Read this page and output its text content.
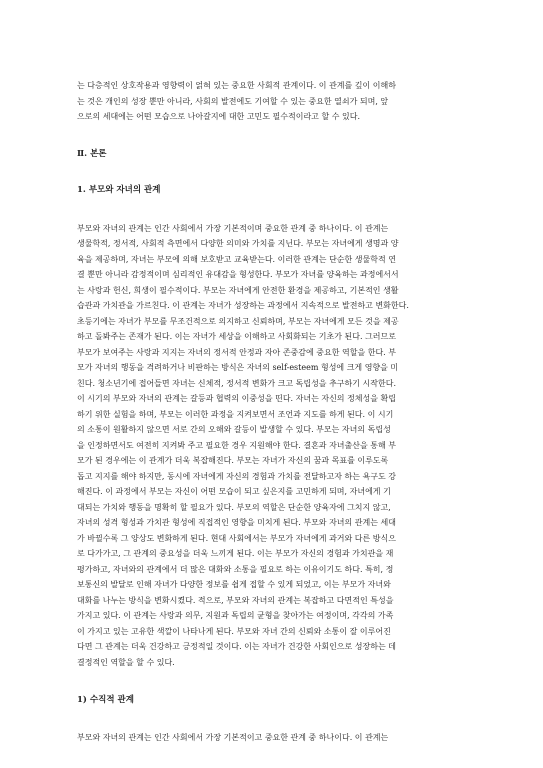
는 다층적인 상호작용과 영향력이 얽혀 있는 중요한 사회적 관계이다. 이 관계를 깊이 이해하
는 것은 개인의 성장 뿐만 아니라, 사회의 발전에도 기여할 수 있는 중요한 열쇠가 되며, 앞
으로의 세대에는 어떤 모습으로 나아갈지에 대한 고민도 필수적이라고 할 수 있다.

Ⅱ. 본론
1. 부모와 자녀의 관계

부모와 자녀의 관계는 인간 사회에서 가장 기본적이며 중요한 관계 중 하나이다. 이 관계는
생물학적, 정서적, 사회적 측면에서 다양한 의미와 가치를 지닌다. 부모는 자녀에게 생명과 양
육을 제공하며, 자녀는 부모에 의해 보호받고 교육받는다. 이러한 관계는 단순한 생물학적 연
결 뿐만 아니라 감정적이며 심리적인 유대감을 형성한다. 부모가 자녀를 양육하는 과정에서서
는 사랑과 헌신, 희생이 필수적이다. 부모는 자녀에게 안전한 환경을 제공하고, 기본적인 생활
습관과 가치관을 가르친다. 이 관계는 자녀가 성장하는 과정에서 지속적으로 발전하고 변화한다.
초등기에는 자녀가 부모를 무조건적으로 의지하고 신뢰하며, 부모는 자녀에게 모든 것을 제공
하고 돌봐주는 존재가 된다. 이는 자녀가 세상을 이해하고 사회화되는 기초가 된다. 그러므로
부모가 보여주는 사랑과 지지는 자녀의 정서적 안정과 자아 존중감에 중요한 역할을 한다. 부
모가 자녀의 행동을 격려하거나 비판하는 방식은 자녀의 self-esteem 형성에 크게 영향을 미
친다. 청소년기에 접어들면 자녀는 신체적, 정서적 변화가 크고 독립성을 추구하기 시작한다.
이 시기의 부모와 자녀의 관계는 갈등과 협력의 이중성을 띤다. 자녀는 자신의 정체성을 확립
하기 위한 실험을 하며, 부모는 이러한 과정을 지켜보면서 조언과 지도를 하게 된다. 이 시기
의 소통이 원활하지 않으면 서로 간의 오해와 갈등이 발생할 수 있다. 부모는 자녀의 독립성
을 인정하면서도 여전히 지켜봐 주고 필요한 경우 지원해야 한다. 결혼과 자녀출산을 통해 부
모가 된 경우에는 이 관계가 더욱 복잡해진다. 부모는 자녀가 자신의 꿈과 목표를 이루도록
돕고 지지를 해야 하지만, 동시에 자녀에게 자신의 경험과 가치를 전달하고자 하는 욕구도 강
해진다. 이 과정에서 부모는 자신이 어떤 모습이 되고 싶은지를 고민하게 되며, 자녀에게 기
대되는 가치와 행동을 명확히 할 필요가 있다. 부모의 역할은 단순한 양육자에 그치지 않고,
자녀의 성격 형성과 가치관 형성에 직접적인 영향을 미치게 된다. 부모와 자녀의 관계는 세대
가 바뀔수록 그 양상도 변화하게 된다. 현대 사회에서는 부모가 자녀에게 과거와 다른 방식으
로 다가가고, 그 관계의 중요성을 더욱 느끼게 된다. 이는 부모가 자신의 경험과 가치관을 재
평가하고, 자녀와의 관계에서 더 많은 대화와 소통을 필요로 하는 이유이기도 하다. 특히, 정
보통신의 발달로 인해 자녀가 다양한 정보를 쉽게 접할 수 있게 되었고, 이는 부모가 자녀와
대화를 나누는 방식을 변화시켰다. 적으로, 부모와 자녀의 관계는 복잡하고 다면적인 특성을
가지고 있다. 이 관계는 사랑과 의무, 지원과 독립의 균형을 찾아가는 여정이며, 각각의 가족
이 가지고 있는 고유한 색깔이 나타나게 된다. 부모와 자녀 간의 신뢰와 소통이 잘 이루어진
다면 그 관계는 더욱 건강하고 긍정적일 것이다. 이는 자녀가 건강한 사회인으로 성장하는 데
결정적인 역할을 할 수 있다.

1) 수직적 관계

부모와 자녀의 관계는 인간 사회에서 가장 기본적이고 중요한 관계 중 하나이다. 이 관계는
